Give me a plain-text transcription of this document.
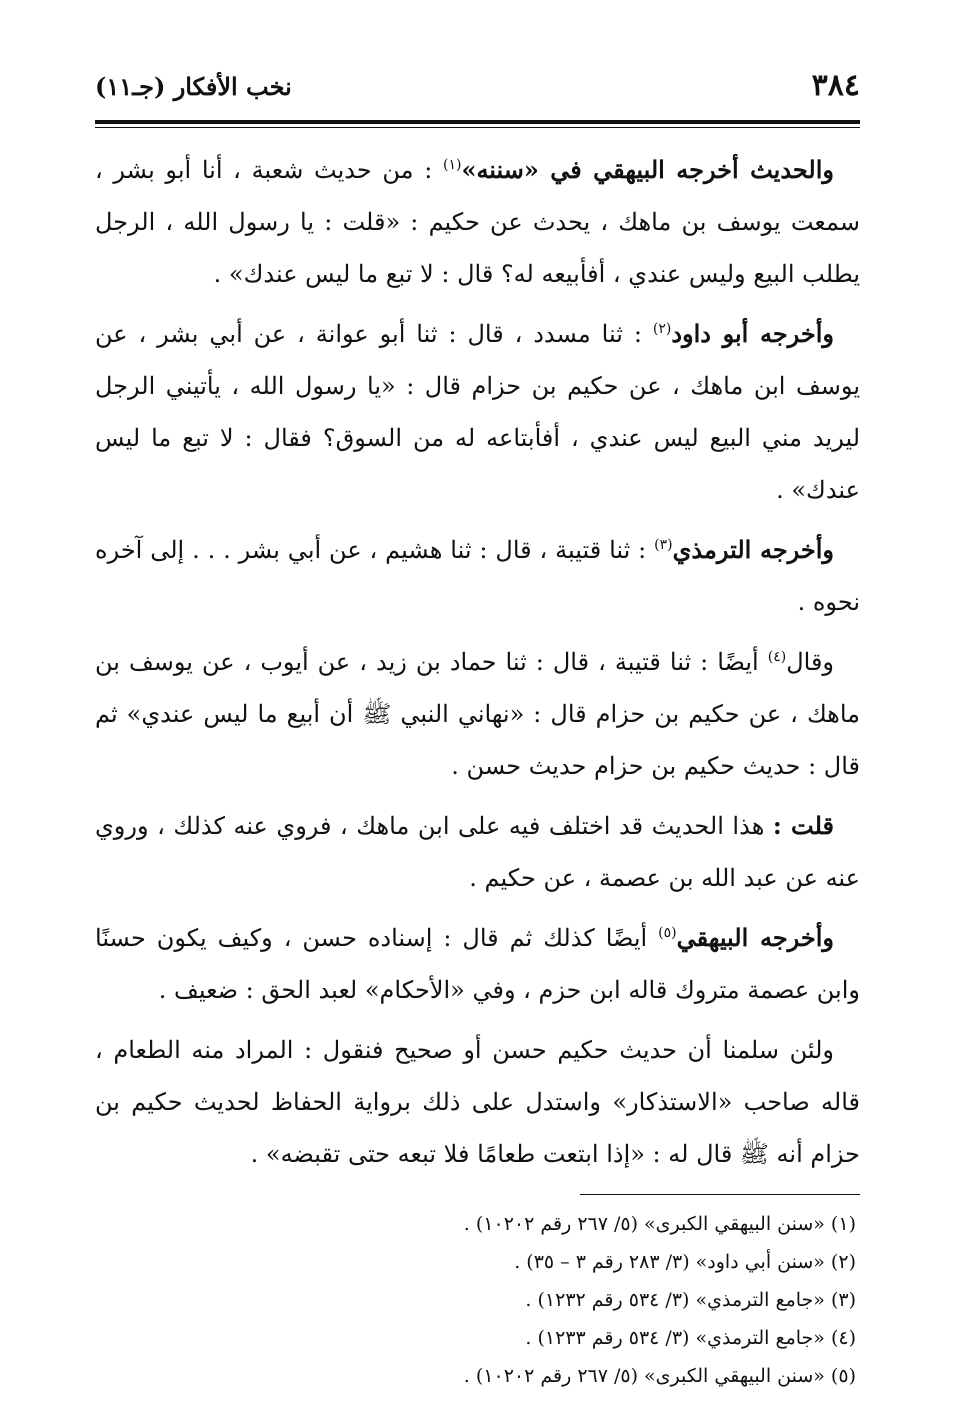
٣٨٤
نخب الأفكار (جـ١١)

والحديث أخرجه البيهقي في «سننه»$^{(١)}$ : من حديث شعبة ، أنا أبو بشر ، سمعت يوسف بن ماهك ، يحدث عن حكيم : «قلت : يا رسول الله ، الرجل يطلب البيع وليس عندي ، أفأبيعه له؟ قال : لا تبع ما ليس عندك» .

وأخرجه أبو داود$^{(٢)}$ : ثنا مسدد ، قال : ثنا أبو عوانة ، عن أبي بشر ، عن يوسف ابن ماهك ، عن حكيم بن حزام قال : «يا رسول الله ، يأتيني الرجل ليريد مني البيع ليس عندي ، أفأبتاعه له من السوق؟ فقال : لا تبع ما ليس عندك» .

وأخرجه الترمذي$^{(٣)}$ : ثنا قتيبة ، قال : ثنا هشيم ، عن أبي بشر . . . إلى آخره نحوه .

وقال$^{(٤)}$ أيضًا : ثنا قتيبة ، قال : ثنا حماد بن زيد ، عن أيوب ، عن يوسف بن ماهك ، عن حكيم بن حزام قال : «نهاني النبي ﷺ أن أبيع ما ليس عندي» ثم قال : حديث حكيم بن حزام حديث حسن .

قلت : هذا الحديث قد اختلف فيه على ابن ماهك ، فروي عنه كذلك ، وروي عنه عن عبد الله بن عصمة ، عن حكيم .

وأخرجه البيهقي$^{(٥)}$ أيضًا كذلك ثم قال : إسناده حسن ، وكيف يكون حسنًا وابن عصمة متروك قاله ابن حزم ، وفي «الأحكام» لعبد الحق : ضعيف .

ولئن سلمنا أن حديث حكيم حسن أو صحيح فنقول : المراد منه الطعام ، قاله صاحب «الاستذكار» واستدل على ذلك برواية الحفاظ لحديث حكيم بن حزام أنه ﷺ قال له : «إذا ابتعت طعامًا فلا تبعه حتى تقبضه» .

(١) «سنن البيهقي الكبرى» (٥/ ٢٦٧ رقم ١٠٢٠٢) .

(٢) «سنن أبي داود» (٣/ ٢٨٣ رقم ٣ – ٣٥) .

(٣) «جامع الترمذي» (٣/ ٥٣٤ رقم ١٢٣٢) .

(٤) «جامع الترمذي» (٣/ ٥٣٤ رقم ١٢٣٣) .

(٥) «سنن البيهقي الكبرى» (٥/ ٢٦٧ رقم ١٠٢٠٢) .
